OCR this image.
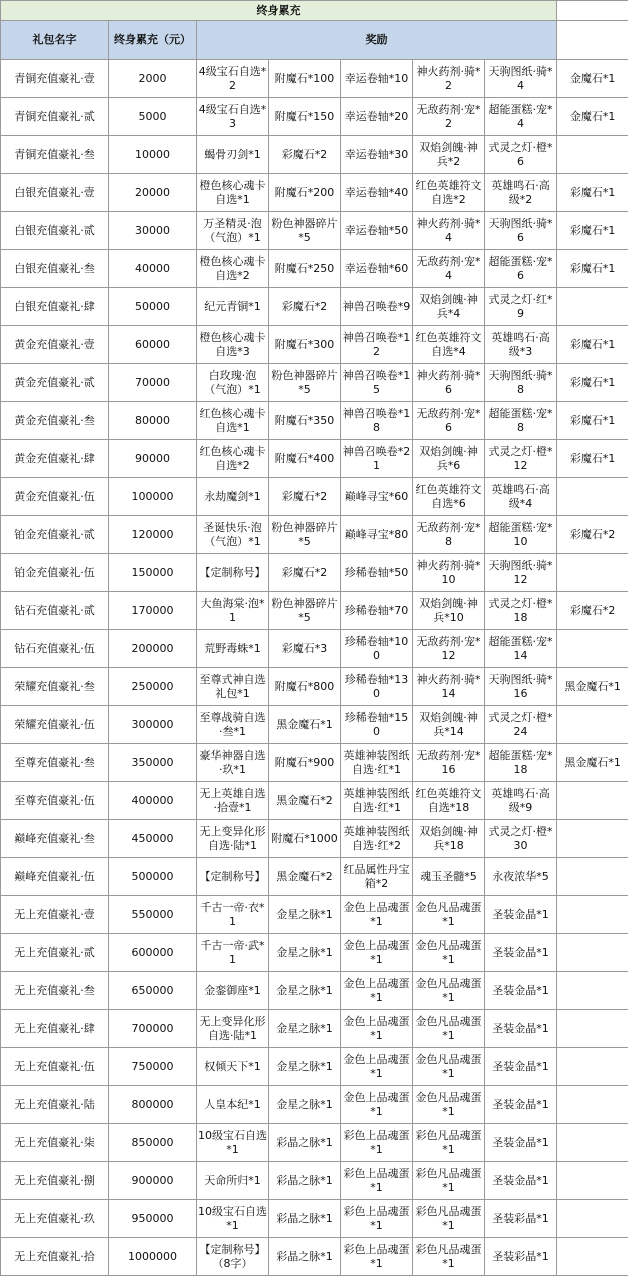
终身累充							
礼包名字	终身累充（元）	奖励					
青铜充值豪礼·壹	2000	4级宝石自选*2	附魔石*100	幸运卷轴*10	神火药剂·骑*2	天驹图纸·骑*4	金魔石*1
青铜充值豪礼·贰	5000	4级宝石自选*3	附魔石*150	幸运卷轴*20	无敌药剂·宠*2	超能蛋糕·宠*4	金魔石*1
青铜充值豪礼·叁	10000	蝎骨刃剑*1	彩魔石*2	幸运卷轴*30	双焰剑魄·神兵*2	式灵之灯·橙*6	
白银充值豪礼·壹	20000	橙色核心魂卡自选*1	附魔石*200	幸运卷轴*40	红色英雄符文自选*2	英雄鸣石·高级*2	彩魔石*1
白银充值豪礼·贰	30000	万圣精灵·泡（气泡）*1	粉色神器碎片*5	幸运卷轴*50	神火药剂·骑*4	天驹图纸·骑*6	彩魔石*1
白银充值豪礼·叁	40000	橙色核心魂卡自选*2	附魔石*250	幸运卷轴*60	无敌药剂·宠*4	超能蛋糕·宠*6	彩魔石*1
白银充值豪礼·肆	50000	纪元青铜*1	彩魔石*2	神兽召唤卷*9	双焰剑魄·神兵*4	式灵之灯·红*9	
黄金充值豪礼·壹	60000	橙色核心魂卡自选*3	附魔石*300	神兽召唤卷*12	红色英雄符文自选*4	英雄鸣石·高级*3	彩魔石*1
黄金充值豪礼·贰	70000	白玫瑰·泡（气泡）*1	粉色神器碎片*5	神兽召唤卷*15	神火药剂·骑*6	天驹图纸·骑*8	彩魔石*1
黄金充值豪礼·叁	80000	红色核心魂卡自选*1	附魔石*350	神兽召唤卷*18	无敌药剂·宠*6	超能蛋糕·宠*8	彩魔石*1
黄金充值豪礼·肆	90000	红色核心魂卡自选*2	附魔石*400	神兽召唤卷*21	双焰剑魄·神兵*6	式灵之灯·橙*12	彩魔石*1
黄金充值豪礼·伍	100000	永劫魔剑*1	彩魔石*2	巅峰寻宝*60	红色英雄符文自选*6	英雄鸣石·高级*4	
铂金充值豪礼·贰	120000	圣诞快乐·泡（气泡）*1	粉色神器碎片*5	巅峰寻宝*80	无敌药剂·宠*8	超能蛋糕·宠*10	彩魔石*2
铂金充值豪礼·伍	150000	【定制称号】	彩魔石*2	珍稀卷轴*50	神火药剂·骑*10	天驹图纸·骑*12	
钻石充值豪礼·贰	170000	大鱼海棠·泡*1	粉色神器碎片*5	珍稀卷轴*70	双焰剑魄·神兵*10	式灵之灯·橙*18	彩魔石*2
钻石充值豪礼·伍	200000	荒野毒蛛*1	彩魔石*3	珍稀卷轴*100	无敌药剂·宠*12	超能蛋糕·宠*14	
荣耀充值豪礼·叁	250000	至尊式神自选礼包*1	附魔石*800	珍稀卷轴*130	神火药剂·骑*14	天驹图纸·骑*16	黑金魔石*1
荣耀充值豪礼·伍	300000	至尊战骑自选·叁*1	黑金魔石*1	珍稀卷轴*150	双焰剑魄·神兵*14	式灵之灯·橙*24	
至尊充值豪礼·叁	350000	豪华神器自选·玖*1	附魔石*900	英雄神装图纸自选·红*1	无敌药剂·宠*16	超能蛋糕·宠*18	黑金魔石*1
至尊充值豪礼·伍	400000	无上英雄自选·拾壹*1	黑金魔石*2	英雄神装图纸自选·红*1	红色英雄符文自选*18	英雄鸣石·高级*9	
巅峰充值豪礼·叁	450000	无上变异化形自选·陆*1	附魔石*1000	英雄神装图纸自选·红*2	双焰剑魄·神兵*18	式灵之灯·橙*30	
巅峰充值豪礼·伍	500000	【定制称号】	黑金魔石*2	红品属性丹宝箱*2	魂玉圣髓*5	永夜浓华*5	
无上充值豪礼·壹	550000	千古一帝·衣*1	金星之脉*1	金色上品魂蛋*1	金色凡品魂蛋*1	圣装金晶*1	
无上充值豪礼·贰	600000	千古一帝·武*1	金星之脉*1	金色上品魂蛋*1	金色凡品魂蛋*1	圣装金晶*1	
无上充值豪礼·叁	650000	金銮御座*1	金星之脉*1	金色上品魂蛋*1	金色凡品魂蛋*1	圣装金晶*1	
无上充值豪礼·肆	700000	无上变异化形自选·陆*1	金星之脉*1	金色上品魂蛋*1	金色凡品魂蛋*1	圣装金晶*1	
无上充值豪礼·伍	750000	权倾天下*1	金星之脉*1	金色上品魂蛋*1	金色凡品魂蛋*1	圣装金晶*1	
无上充值豪礼·陆	800000	人皇本纪*1	金星之脉*1	金色上品魂蛋*1	金色凡品魂蛋*1	圣装金晶*1	
无上充值豪礼·柒	850000	10级宝石自选*1	彩晶之脉*1	彩色上品魂蛋*1	彩色凡品魂蛋*1	圣装金晶*1	
无上充值豪礼·捌	900000	天命所归*1	彩晶之脉*1	彩色上品魂蛋*1	彩色凡品魂蛋*1	圣装金晶*1	
无上充值豪礼·玖	950000	10级宝石自选*1	彩晶之脉*1	彩色上品魂蛋*1	彩色凡品魂蛋*1	圣装彩晶*1	
无上充值豪礼·拾	1000000	【定制称号】（8字）	彩晶之脉*1	彩色上品魂蛋*1	彩色凡品魂蛋*1	圣装彩晶*1	
